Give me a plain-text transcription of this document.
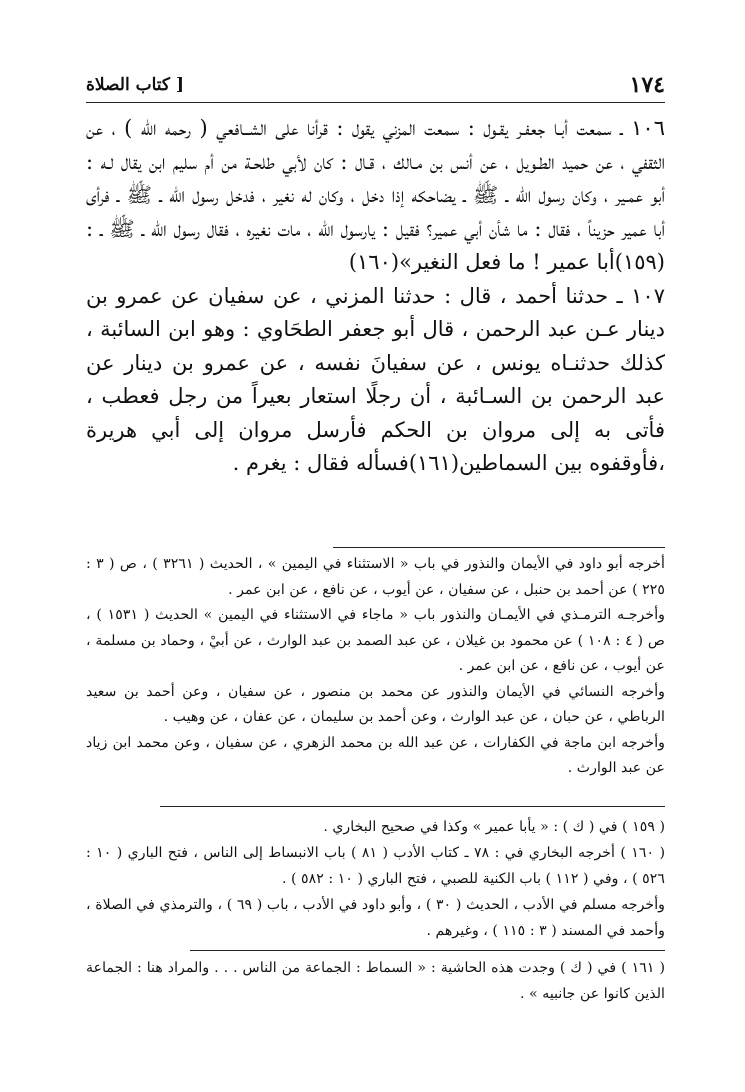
[ كتاب الصلاة	١٧٤

١٠٦ ـ سمعت أبـا جعفـر يقـول : سمعت المزني يقول : قرأنا على الشــافعي ( رحمه الله ) ، عن الثقفي ، عن حميد الطـويل ، عن أنس بن مـالك ، قـال : كان لأبي طلحـة من أم سليم ابن يقال لـه : أبو عمـير ، وكان رسول الله ـ ﷺ ـ يضاحكه إذا دخل ، وكان له نغير ، فدخل رسول الله ـ ﷺ ـ فرأى أبا عمير حزيناً ، فقال : ما شأن أبي عمير؟ فقيل : يارسول الله ، مات نغيره ، فقال رسول الله ـ ﷺ ـ :(١٥٩)أبا عمير ! ما فعل النغير»(١٦٠)

١٠٧ ـ حدثنا أحمد ، قال : حدثنا المزني ، عن سفيان عن عمرو بن دينار عـن عبد الرحمن ، قال أبو جعفر الطحَاوي : وهو ابن السائبة ، كذلك حدثنـاه يونس ، عن سفيانَ نفسه ، عن عمرو بن دينار عن عبد الرحمن بن السـائبة ، أن رجلًا استعار بعيراً من رجل فعطب ، فأتى به إلى مروان بن الحكم فأرسل مروان إلى أبي هريرة ،فأوقفوه بين السماطين(١٦١)فسأله فقال : يغرم .

أخرجه أبو داود في الأيمان والنذور في باب « الاستثناء في اليمين » ، الحديث ( ٣٢٦١ ) ، ص ( ٣ : ٢٢٥ ) عن أحمد بن حنبل ، عن سفيان ، عن أيوب ، عن نافع ، عن ابن عمر .

وأخرجـه الترمـذي في الأيمـان والنذور باب « ماجاء في الاستثناء في اليمين » الحديث ( ١٥٣١ ) ، ص ( ٤ : ١٠٨ ) عن محمود بن غيلان ، عن عبد الصمد بن عبد الوارث ، عن أبيْ ، وحماد بن مسلمة ، عن أيوب ، عن نافع ، عن ابن عمر .

وأخرجه النسائي في الأيمان والنذور عن محمد بن منصور ، عن سفيان ، وعن أحمد بن سعيد الرباطي ، عن حبان ، عن عبد الوارث ، وعن أحمد بن سليمان ، عن عفان ، عن وهيب .

وأخرجه ابن ماجة في الكفارات ، عن عبد الله بن محمد الزهري ، عن سفيان ، وعن محمد ابن زياد عن عبد الوارث .

( ١٥٩ ) في ( ك ) : « يأبا عمير » وكذا في صحيح البخاري .

( ١٦٠ ) أخرجه البخاري في : ٧٨ ـ كتاب الأدب ( ٨١ ) باب الانبساط إلى الناس ، فتح الباري ( ١٠ : ٥٢٦ ) ، وفي ( ١١٢ ) باب الكنية للصبي ، فتح الباري ( ١٠ : ٥٨٢ ) .

وأخرجه مسلم في الأدب ، الحديث ( ٣٠ ) ، وأبو داود في الأدب ، باب ( ٦٩ ) ، والترمذي في الصلاة ، وأحمد في المسند ( ٣ : ١١٥ ) ، وغيرهم .

( ١٦١ ) في ( ك ) وجدت هذه الحاشية : « السماط : الجماعة من الناس . . . والمراد هنا : الجماعة الذين كانوا عن جانبيه » .
